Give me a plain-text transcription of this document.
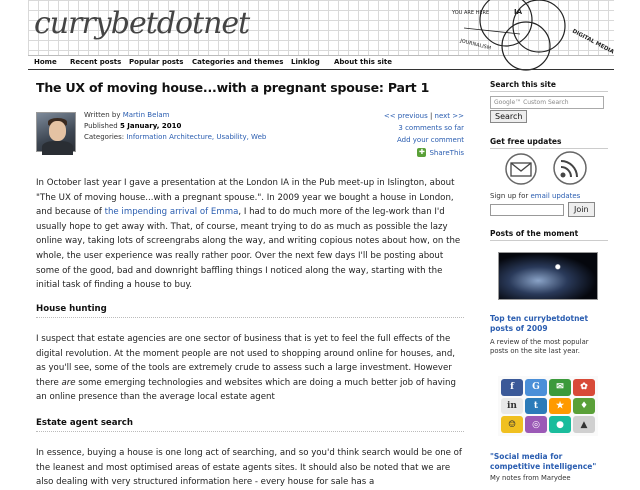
currybetdotnet	YOU ARE HERE	IA
JOURNALISM	DIGITAL MEDIA
Home Recent posts Popular posts Categories and themes Linklog About this site
The UX of moving house...with a pregnant spouse: Part 1
Written by Martin Belam
Published 5 January, 2010
Categories: Information Architecture, Usability, Web
<< previous | next >>
3 comments so far
Add your comment
✚ ShareThis

In October last year I gave a presentation at the London IA in the Pub meet-up in Islington, about "The UX of moving house...with a pregnant spouse.". In 2009 year we bought a house in London, and because of the impending arrival of Emma, I had to do much more of the leg-work than I'd usually hope to get away with. That, of course, meant trying to do as much as possible the lazy online way, taking lots of screengrabs along the way, and writing copious notes about how, on the whole, the user experience was really rather poor. Over the next few days I'll be posting about some of the good, bad and downright baffling things I noticed along the way, starting with the initial task of finding a house to buy.

House hunting

I suspect that estate agencies are one sector of business that is yet to feel the full effects of the digital revolution. At the moment people are not used to shopping around online for houses, and, as you'll see, some of the tools are extremely crude to assess such a large investment. However there are some emerging technologies and websites which are doing a much better job of having an online presence than the average local estate agent

Estate agent search

In essence, buying a house is one long act of searching, and so you'd think search would be one of the leanest and most optimised areas of estate agents sites. It should also be noted that we are also dealing with very structured information here - every house for sale has a

Search this site
Google™ Custom Search
Search
Get free updates
Sign up for email updates
Join
Posts of the moment
Top ten currybetdotnet posts of 2009
A review of the most popular posts on the site last year.
f	G	✉	✿
in	t	★	♦
☺	◎	●	▲
"Social media for competitive intelligence"
My notes from Marydee
